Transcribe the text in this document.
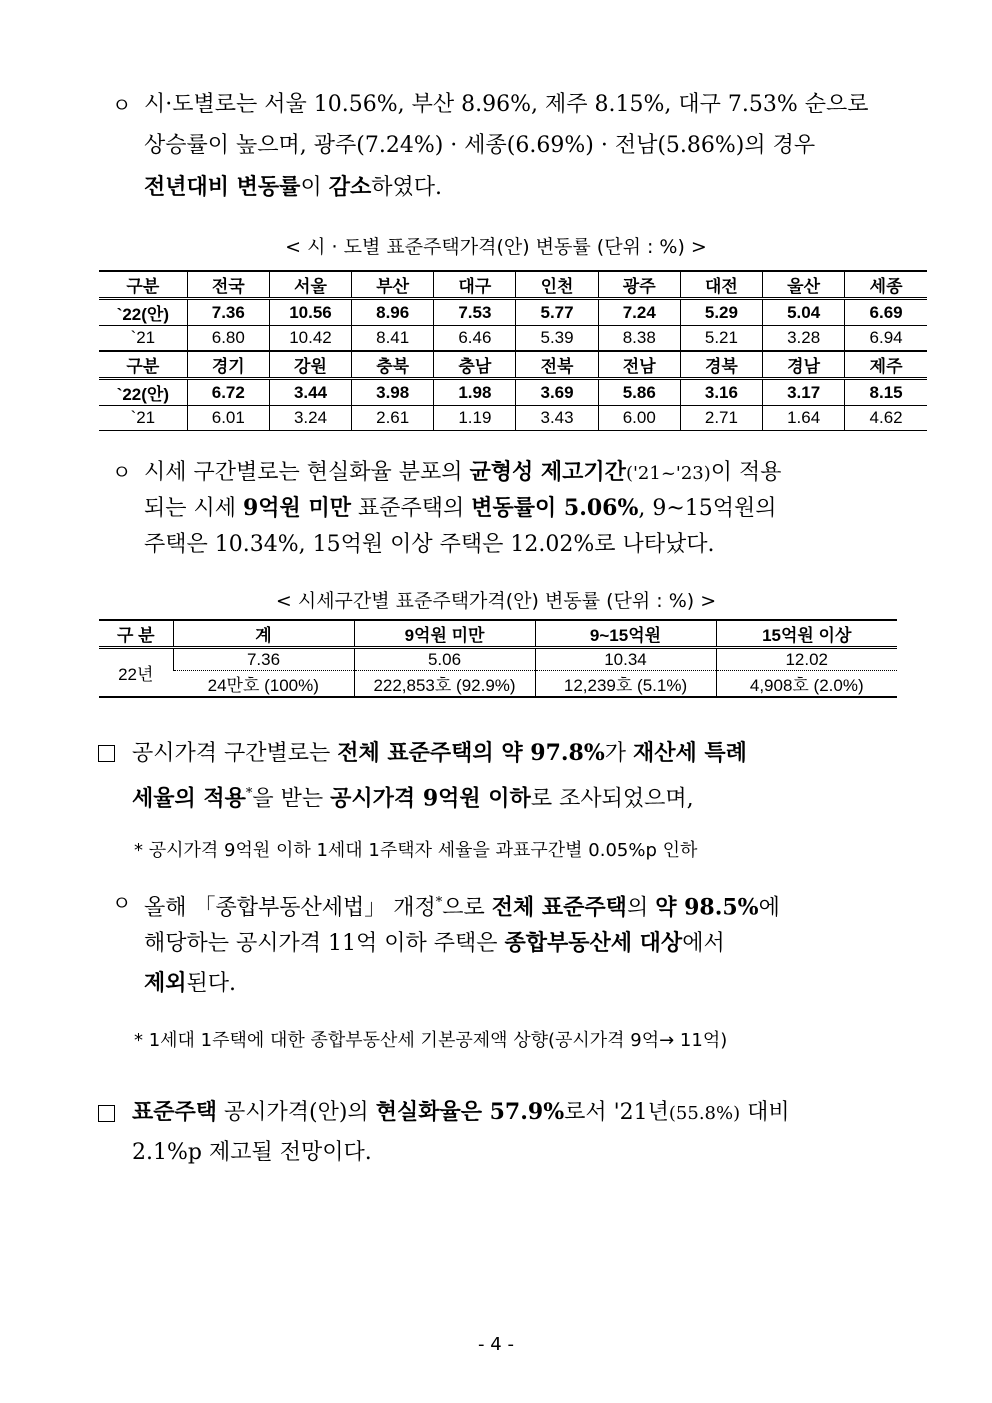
ㅇ 시·도별로는 서울 10.56%, 부산 8.96%, 제주 8.15%, 대구 7.53% 순으로
상승률이 높으며, 광주(7.24%) · 세종(6.69%) · 전남(5.86%)의 경우
전년대비 변동률이 감소하였다.
< 시 · 도별 표준주택가격(안) 변동률 (단위 : %) >
구분	전국	서울	부산	대구	인천	광주	대전	울산	세종
`22(안)	7.36	10.56	8.96	7.53	5.77	7.24	5.29	5.04	6.69
`21	6.80	10.42	8.41	6.46	5.39	8.38	5.21	3.28	6.94
구분	경기	강원	충북	충남	전북	전남	경북	경남	제주
`22(안)	6.72	3.44	3.98	1.98	3.69	5.86	3.16	3.17	8.15
`21	6.01	3.24	2.61	1.19	3.43	6.00	2.71	1.64	4.62
ㅇ 시세 구간별로는 현실화율 분포의 균형성 제고기간('21~'23)이 적용
되는 시세 9억원 미만 표준주택의 변동률이 5.06%, 9~15억원의
주택은 10.34%, 15억원 이상 주택은 12.02%로 나타났다.
< 시세구간별 표준주택가격(안) 변동률 (단위 : %) >
구 분	계	9억원 미만	9~15억원	15억원 이상
22년	7.36	5.06	10.34	12.02
	24만호 (100%)	222,853호 (92.9%)	12,239호 (5.1%)	4,908호 (2.0%)
공시가격 구간별로는 전체 표준주택의 약 97.8%가 재산세 특례
세율의 적용*을 받는 공시가격 9억원 이하로 조사되었으며,
* 공시가격 9억원 이하 1세대 1주택자 세율을 과표구간별 0.05%p 인하
ㅇ 올해 「종합부동산세법」 개정*으로 전체 표준주택의 약 98.5%에
해당하는 공시가격 11억 이하 주택은 종합부동산세 대상에서
제외된다.
* 1세대 1주택에 대한 종합부동산세 기본공제액 상향(공시가격 9억→ 11억)
표준주택 공시가격(안)의 현실화율은 57.9%로서 '21년(55.8%) 대비
2.1%p 제고될 전망이다.
- 4 -
